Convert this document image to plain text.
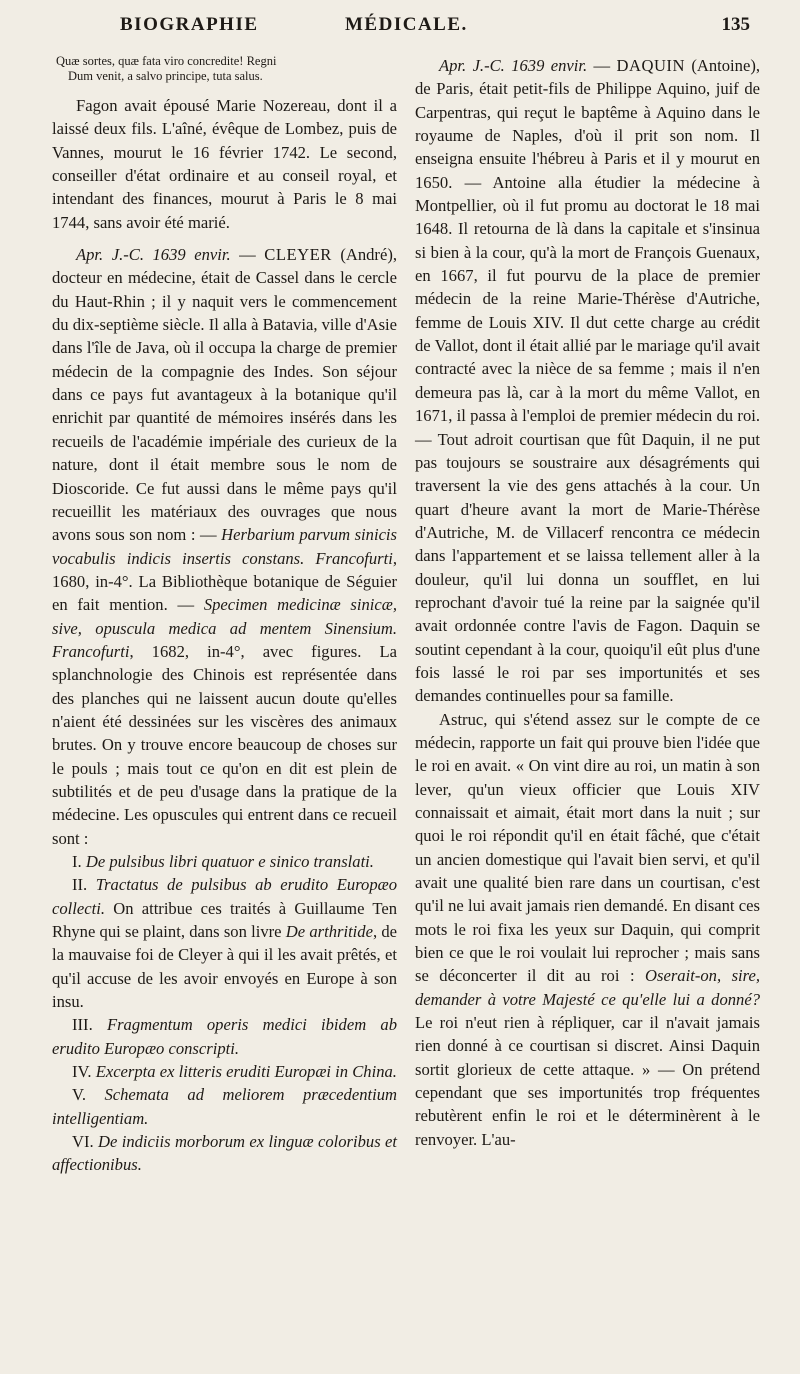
BIOGRAPHIE	MÉDICALE.	135
Quæ sortes, quæ fata viro concredite! Regni
Dum venit, a salvo principe, tuta salus.

Fagon avait épousé Marie Nozereau, dont il a laissé deux fils. L'aîné, évêque de Lombez, puis de Vannes, mourut le 16 février 1742. Le second, conseiller d'état ordinaire et au conseil royal, et intendant des finances, mourut à Paris le 8 mai 1744, sans avoir été marié.

Apr. J.-C. 1639 envir. — CLEYER (André), docteur en médecine, était de Cassel dans le cercle du Haut-Rhin ; il y naquit vers le commencement du dix-septième siècle. Il alla à Batavia, ville d'Asie dans l'île de Java, où il occupa la charge de premier médecin de la compagnie des Indes. Son séjour dans ce pays fut avantageux à la botanique qu'il enrichit par quantité de mémoires insérés dans les recueils de l'académie impériale des curieux de la nature, dont il était membre sous le nom de Dioscoride. Ce fut aussi dans le même pays qu'il recueillit les matériaux des ouvrages que nous avons sous son nom : — Herbarium parvum sinicis vocabulis indicis insertis constans. Francofurti, 1680, in-4°. La Bibliothèque botanique de Séguier en fait mention. — Specimen medicinæ sinicæ, sive, opuscula medica ad mentem Sinensium. Francofurti, 1682, in-4°, avec figures. La splanchnologie des Chinois est représentée dans des planches qui ne laissent aucun doute qu'elles n'aient été dessinées sur les viscères des animaux brutes. On y trouve encore beaucoup de choses sur le pouls ; mais tout ce qu'on en dit est plein de subtilités et de peu d'usage dans la pratique de la médecine. Les opuscules qui entrent dans ce recueil sont :

I. De pulsibus libri quatuor e sinico translati.

II. Tractatus de pulsibus ab erudito Europæo collecti. On attribue ces traités à Guillaume Ten Rhyne qui se plaint, dans son livre De arthritide, de la mauvaise foi de Cleyer à qui il les avait prêtés, et qu'il accuse de les avoir envoyés en Europe à son insu.

III. Fragmentum operis medici ibidem ab erudito Europæo conscripti.

IV. Excerpta ex litteris eruditi Europæi in China.

V. Schemata ad meliorem præcedentium intelligentiam.

VI. De indiciis morborum ex linguæ coloribus et affectionibus.

Apr. J.-C. 1639 envir. — DAQUIN (Antoine), de Paris, était petit-fils de Philippe Aquino, juif de Carpentras, qui reçut le baptême à Aquino dans le royaume de Naples, d'où il prit son nom. Il enseigna ensuite l'hébreu à Paris et il y mourut en 1650. — Antoine alla étudier la médecine à Montpellier, où il fut promu au doctorat le 18 mai 1648. Il retourna de là dans la capitale et s'insinua si bien à la cour, qu'à la mort de François Guenaux, en 1667, il fut pourvu de la place de premier médecin de la reine Marie-Thérèse d'Autriche, femme de Louis XIV. Il dut cette charge au crédit de Vallot, dont il était allié par le mariage qu'il avait contracté avec la nièce de sa femme ; mais il n'en demeura pas là, car à la mort du même Vallot, en 1671, il passa à l'emploi de premier médecin du roi. — Tout adroit courtisan que fût Daquin, il ne put pas toujours se soustraire aux désagréments qui traversent la vie des gens attachés à la cour. Un quart d'heure avant la mort de Marie-Thérèse d'Autriche, M. de Villacerf rencontra ce médecin dans l'appartement et se laissa tellement aller à la douleur, qu'il lui donna un soufflet, en lui reprochant d'avoir tué la reine par la saignée qu'il avait ordonnée contre l'avis de Fagon. Daquin se soutint cependant à la cour, quoiqu'il eût plus d'une fois lassé le roi par ses importunités et ses demandes continuelles pour sa famille.

Astruc, qui s'étend assez sur le compte de ce médecin, rapporte un fait qui prouve bien l'idée que le roi en avait. « On vint dire au roi, un matin à son lever, qu'un vieux officier que Louis XIV connaissait et aimait, était mort dans la nuit ; sur quoi le roi répondit qu'il en était fâché, que c'était un ancien domestique qui l'avait bien servi, et qu'il avait une qualité bien rare dans un courtisan, c'est qu'il ne lui avait jamais rien demandé. En disant ces mots le roi fixa les yeux sur Daquin, qui comprit bien ce que le roi voulait lui reprocher ; mais sans se déconcerter il dit au roi : Oserait-on, sire, demander à votre Majesté ce qu'elle lui a donné? Le roi n'eut rien à répliquer, car il n'avait jamais rien donné à ce courtisan si discret. Ainsi Daquin sortit glorieux de cette attaque. » — On prétend cependant que ses importunités trop fréquentes rebutèrent enfin le roi et le déterminèrent à le renvoyer. L'au-
